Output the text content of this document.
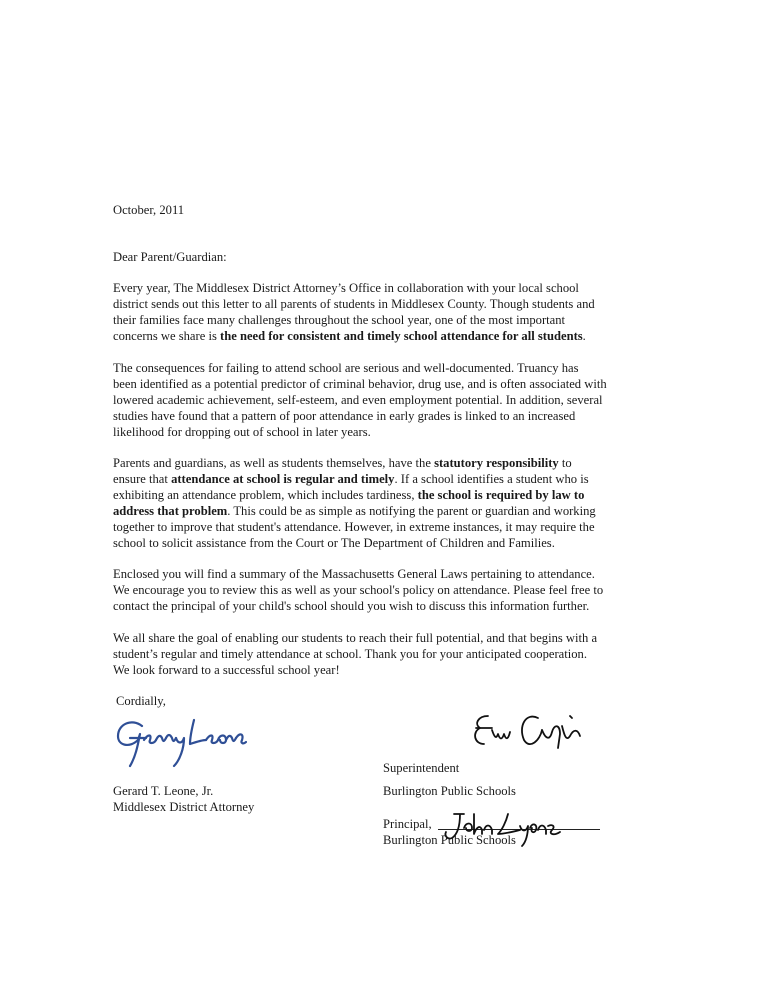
October, 2011
Dear Parent/Guardian:
Every year, The Middlesex District Attorney’s Office in collaboration with your local school
district sends out this letter to all parents of students in Middlesex County. Though students and
their families face many challenges throughout the school year, one of the most important
concerns we share is the need for consistent and timely school attendance for all students.
The consequences for failing to attend school are serious and well-documented. Truancy has
been identified as a potential predictor of criminal behavior, drug use, and is often associated with
lowered academic achievement, self-esteem, and even employment potential. In addition, several
studies have found that a pattern of poor attendance in early grades is linked to an increased
likelihood for dropping out of school in later years.
Parents and guardians, as well as students themselves, have the statutory responsibility to
ensure that attendance at school is regular and timely. If a school identifies a student who is
exhibiting an attendance problem, which includes tardiness, the school is required by law to
address that problem. This could be as simple as notifying the parent or guardian and working
together to improve that student's attendance. However, in extreme instances, it may require the
school to solicit assistance from the Court or The Department of Children and Families.
Enclosed you will find a summary of the Massachusetts General Laws pertaining to attendance.
We encourage you to review this as well as your school's policy on attendance. Please feel free to
contact the principal of your child's school should you wish to discuss this information further.
We all share the goal of enabling our students to reach their full potential, and that begins with a
student’s regular and timely attendance at school. Thank you for your anticipated cooperation.
We look forward to a successful school year!
Cordially,
Superintendent
Gerard T. Leone, Jr.
Middlesex District Attorney
Burlington Public Schools
Principal,
Burlington Public Schools
